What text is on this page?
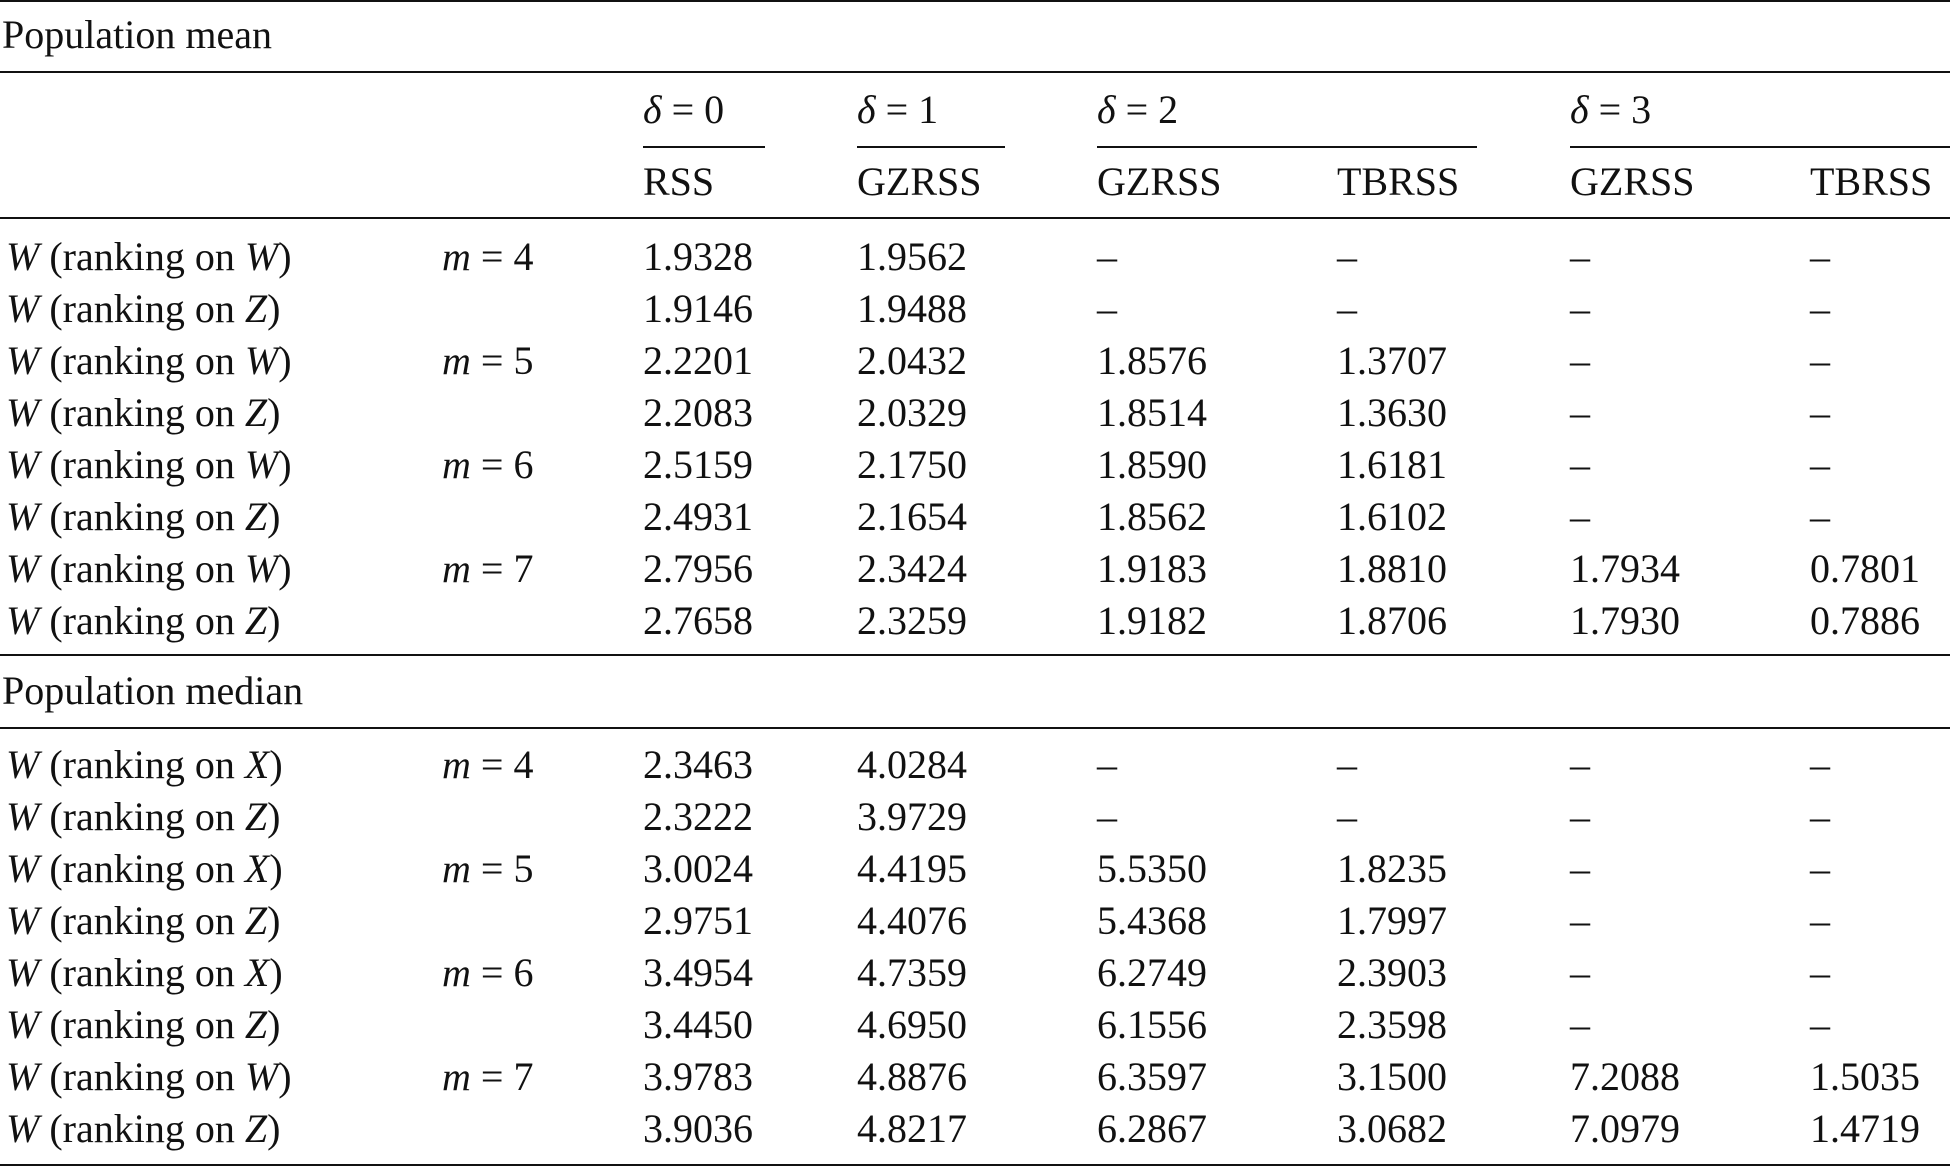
Population mean
Population median
δ = 0	δ = 1	δ = 2	δ = 3
RSS	GZRSS	GZRSS	TBRSS	GZRSS	TBRSS
W (ranking on W)	m = 4	1.9328	1.9562	–	–	–	–
W (ranking on Z)	1.9146	1.9488	–	–	–	–
W (ranking on W)	m = 5	2.2201	2.0432	1.8576	1.3707	–	–
W (ranking on Z)	2.2083	2.0329	1.8514	1.3630	–	–
W (ranking on W)	m = 6	2.5159	2.1750	1.8590	1.6181	–	–
W (ranking on Z)	2.4931	2.1654	1.8562	1.6102	–	–
W (ranking on W)	m = 7	2.7956	2.3424	1.9183	1.8810	1.7934	0.7801
W (ranking on Z)	2.7658	2.3259	1.9182	1.8706	1.7930	0.7886
W (ranking on X)	m = 4	2.3463	4.0284	–	–	–	–
W (ranking on Z)	2.3222	3.9729	–	–	–	–
W (ranking on X)	m = 5	3.0024	4.4195	5.5350	1.8235	–	–
W (ranking on Z)	2.9751	4.4076	5.4368	1.7997	–	–
W (ranking on X)	m = 6	3.4954	4.7359	6.2749	2.3903	–	–
W (ranking on Z)	3.4450	4.6950	6.1556	2.3598	–	–
W (ranking on W)	m = 7	3.9783	4.8876	6.3597	3.1500	7.2088	1.5035
W (ranking on Z)	3.9036	4.8217	6.2867	3.0682	7.0979	1.4719
